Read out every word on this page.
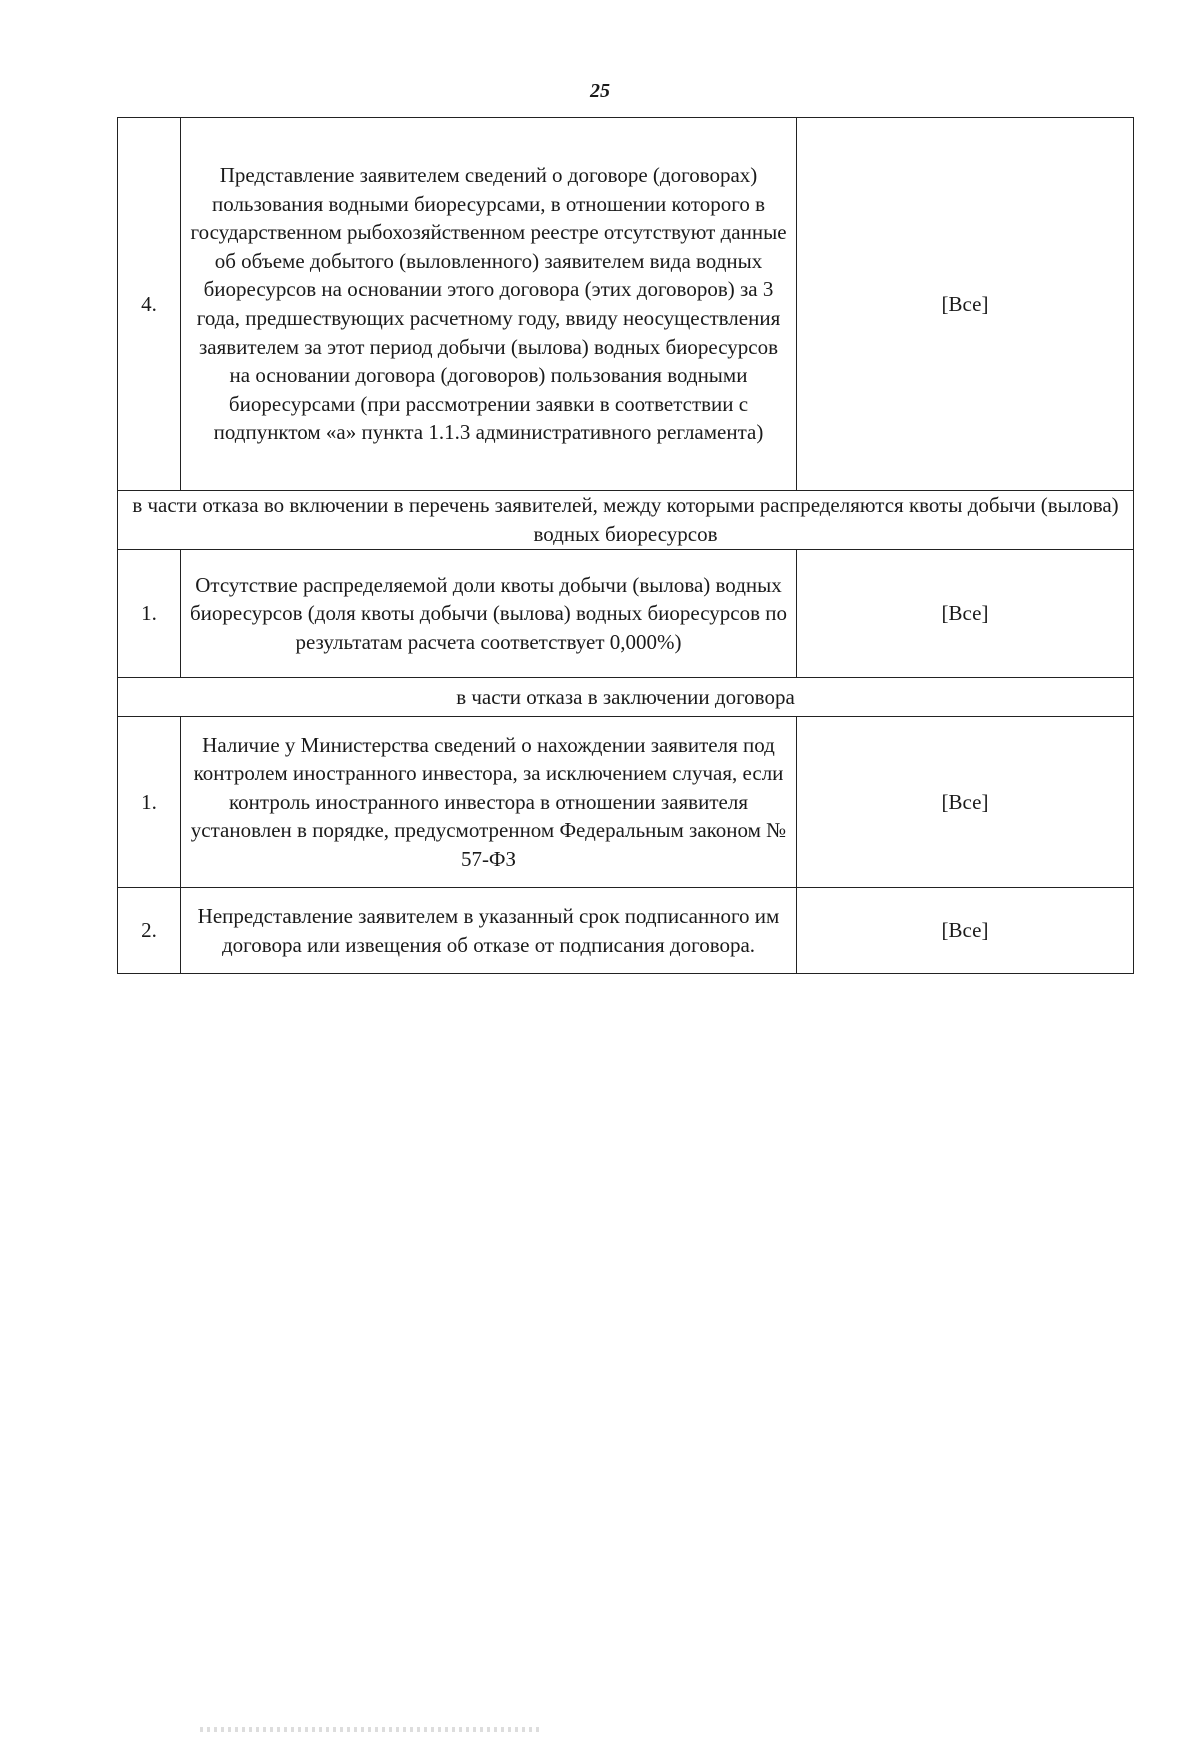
25
4.	Представление заявителем сведений о договоре (договорах) пользования водными биоресурсами, в отношении которого в государственном рыбохозяйственном реестре отсутствуют данные об объеме добытого (выловленного) заявителем вида водных биоресурсов на основании этого договора (этих договоров) за 3 года, предшествующих расчетному году, ввиду неосуществления заявителем за этот период добычи (вылова) водных биоресурсов на основании договора (договоров) пользования водными биоресурсами (при рассмотрении заявки в соответствии с подпунктом «а» пункта 1.1.3 административного регламента)	[Все]
в части отказа во включении в перечень заявителей, между которыми распределяются квоты добычи (вылова) водных биоресурсов		
1.	Отсутствие распределяемой доли квоты добычи (вылова) водных биоресурсов (доля квоты добычи (вылова) водных биоресурсов по результатам расчета соответствует 0,000%)	[Все]
в части отказа в заключении договора		
1.	Наличие у Министерства сведений о нахождении заявителя под контролем иностранного инвестора, за исключением случая, если контроль иностранного инвестора в отношении заявителя установлен в порядке, предусмотренном Федеральным законом № 57-ФЗ	[Все]
2.	Непредставление заявителем в указанный срок подписанного им договора или извещения об отказе от подписания договора.	[Все]
